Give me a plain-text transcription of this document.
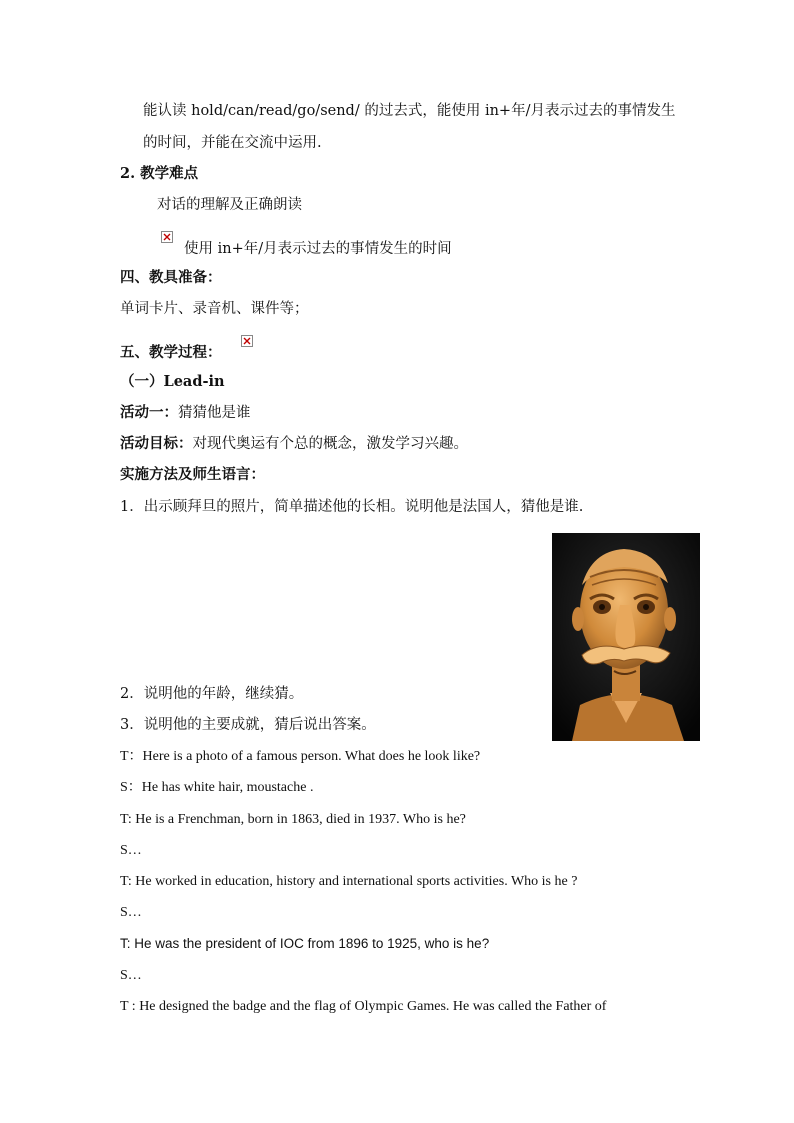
能认读 hold/can/read/go/send/ 的过去式，能使用 in+年/月表示过去的事情发生
的时间，并能在交流中运用.
2. 教学难点
对话的理解及正确朗读
使用 in+年/月表示过去的事情发生的时间
四、教具准备：
单词卡片、录音机、课件等；
五、教学过程：
（一）Lead-in
活动一：猜猜他是谁
活动目标：对现代奥运有个总的概念，激发学习兴趣。
实施方法及师生语言：
1．出示顾拜旦的照片，简单描述他的长相。说明他是法国人，猜他是谁.
2．说明他的年龄，继续猜。
3．说明他的主要成就，猜后说出答案。
T：Here is a photo of a famous person. What does he look like?
S：He has white hair, moustache .
T: He is a Frenchman, born in 1863, died in 1937. Who is he?
S…
T: He worked in education, history and international sports activities. Who is he ?
S…
T: He was the president of IOC from 1896 to 1925, who is he?
S…
T : He designed the badge and the flag of Olympic Games. He was called the Father of
